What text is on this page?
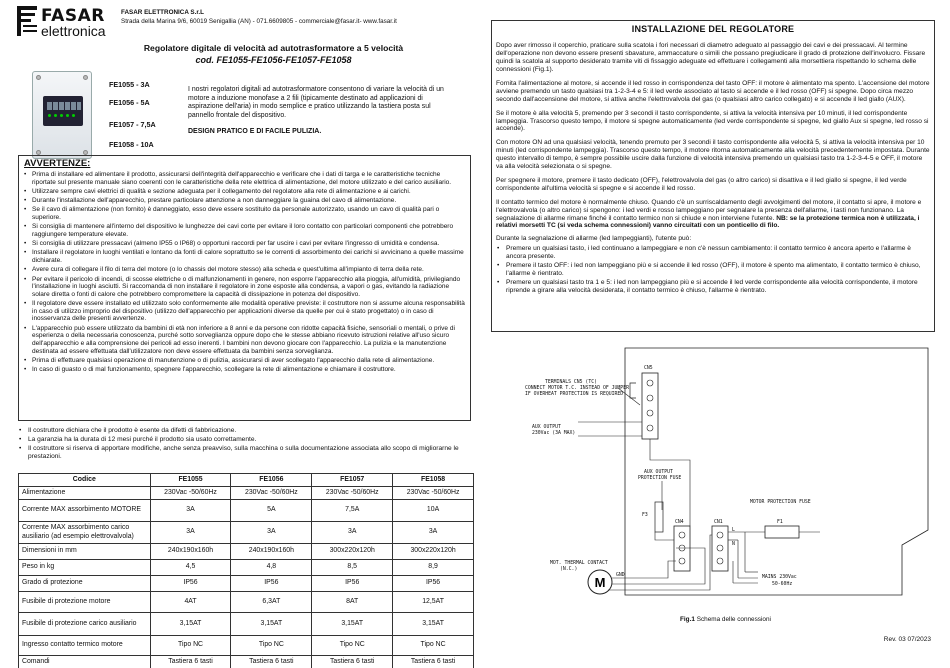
FASAR
elettronica
FASAR ELETTRONICA S.r.L
Strada della Marina 9/6, 60019 Senigallia (AN) - 071.6609805 - commerciale@fasar.it- www.fasar.it
Regolatore digitale di velocità ad autotrasformatore a 5 velocità
cod. FE1055-FE1056-FE1057-FE1058
FE1055 - 3A
FE1056 - 5A
FE1057 - 7,5A
FE1058 - 10A
I nostri regolatori digitali ad autotrasformatore consentono di variare la velocità di un motore a induzione monofase a 2 fili (tipicamente destinato ad applicazioni di aspirazione dell'aria) in modo semplice e pratico utilizzando la tastiera posta sul pannello frontale del dispositivo.
DESIGN PRATICO E DI FACILE PULIZIA.
AVVERTENZE:
• Prima di installare ed alimentare il prodotto, assicurarsi dell'integrità dell'apparecchio e verificare che i dati di targa e le caratteristiche tecniche riportate sul presente manuale siano coerenti con le caratteristiche della rete elettrica di alimentazione, del motore utilizzato e del carico ausiliario.
• Utilizzare sempre cavi elettrici di qualità e sezione adeguata per il collegamento del regolatore alla rete di alimentazione e ai carichi.
• Durante l'installazione dell'apparecchio, prestare particolare attenzione a non danneggiare la guaina del cavo di alimentazione.
• Se il cavo di alimentazione (non fornito) è danneggiato, esso deve essere sostituito da personale autorizzato, usando un cavo di qualità pari o superiore.
• Si consiglia di mantenere all'interno del dispositivo le lunghezze dei cavi corte per evitare il loro contatto con particolari componenti che potrebbero raggiungere temperature elevate.
• Si consiglia di utilizzare pressacavi (almeno IP55 o IP68) o opportuni raccordi per far uscire i cavi per evitare l'ingresso di umidità e condensa.
• Installare il regolatore in luoghi ventilati e lontano da fonti di calore soprattutto se le correnti di assorbimento dei carichi si avvicinano a quelle massime dichiarate.
• Avere cura di collegare il filo di terra del motore (o lo chassis del motore stesso) alla scheda e quest'ultima all'impianto di terra della rete.
• Per evitare il pericolo di incendi, di scosse elettriche o di malfunzionamenti in genere, non esporre l'apparecchio alla pioggia, all'umidità, privilegiando l'installazione in luoghi asciutti. Si raccomanda di non installare il regolatore in zone esposte alla condensa, a vapori o gas, evitando la radiazione solare diretta o fonti di calore che potrebbero compromettere la capacità di dissipazione in potenza del dispositivo.
• Il regolatore deve essere installato ed utilizzato solo conformemente alle modalità operative previste: il costruttore non si assume alcuna responsabilità in caso di utilizzo improprio del dispositivo (utilizzo dell'apparecchio per applicazioni diverse da quelle per cui è stato progettato) o in caso di inosservanza delle presenti avvertenze.
• L'apparecchio può essere utilizzato da bambini di età non inferiore a 8 anni e da persone con ridotte capacità fisiche, sensoriali o mentali, o prive di esperienza o della necessaria conoscenza, purché sotto sorveglianza oppure dopo che le stesse abbiano ricevuto istruzioni relative all'uso sicuro dell'apparecchio e alla comprensione dei pericoli ad esso inerenti. I bambini non devono giocare con l'apparecchio. La pulizia e la manutenzione destinata ad essere effettuata dall'utilizzatore non deve essere effettuata da bambini senza sorveglianza.
• Prima di effettuare qualsiasi operazione di manutenzione o di pulizia, assicurarsi di aver scollegato l'apparecchio dalla rete di alimentazione.
• In caso di guasto o di mal funzionamento, spegnere l'apparecchio, scollegare la rete di alimentazione e chiamare il costruttore.
• Il costruttore dichiara che il prodotto è esente da difetti di fabbricazione.
• La garanzia ha la durata di 12 mesi purché il prodotto sia usato correttamente.
• Il costruttore si riserva di apportare modifiche, anche senza preavviso, sulla macchina o sulla documentazione associata allo scopo di migliorarne le prestazioni.
Codice	FE1055	FE1056	FE1057	FE1058
Alimentazione	230Vac -50/60Hz	230Vac -50/60Hz	230Vac -50/60Hz	230Vac -50/60Hz
Corrente MAX assorbimento MOTORE	3A	5A	7,5A	10A
Corrente MAX assorbimento carico ausiliario (ad esempio elettrovalvola)	3A	3A	3A	3A
Dimensioni in mm	240x190x160h	240x190x160h	300x220x120h	300x220x120h
Peso in kg	4,5	4,8	8,5	8,9
Grado di protezione	IP56	IP56	IP56	IP56
Fusibile di protezione motore	4AT	6,3AT	8AT	12,5AT
Fusibile di protezione carico ausiliario	3,15AT	3,15AT	3,15AT	3,15AT
Ingresso contatto termico motore	Tipo NC	Tipo NC	Tipo NC	Tipo NC
Comandi	Tastiera 6 tasti	Tastiera 6 tasti	Tastiera 6 tasti	Tastiera 6 tasti
INSTALLAZIONE DEL REGOLATORE

Dopo aver rimosso il coperchio, praticare sulla scatola i fori necessari di diametro adeguato al passaggio dei cavi e dei pressacavi. Al termine dell'operazione non devono essere presenti sbavature, ammaccature o simili che possano pregiudicare il grado di protezione dell'involucro. Fissare quindi la scatola al supporto desiderato tramite viti di fissaggio adeguate ed effettuare i collegamenti alla morsettiera rispettando lo schema delle connessioni (Fig.1).

Fornita l'alimentazione al motore, si accende il led rosso in corrispondenza del tasto OFF: il motore è alimentato ma spento. L'accensione del motore avviene premendo un tasto qualsiasi tra 1-2-3-4 e 5: il led verde associato al tasto si accende e il led rosso (OFF) si spegne. Dopo circa mezzo secondo dall'accensione del motore, si attiva anche l'elettrovalvola del gas (o qualsiasi altro carico collegato) e si accende il led giallo (AUX).

Se il motore è alla velocità 5, premendo per 3 secondi il tasto corrispondente, si attiva la velocità intensiva per 10 minuti, il led corrispondente lampeggia. Trascorso questo tempo, il motore si spegne automaticamente (led verde corrispondente si spegne, led giallo Aux si spegne, led rosso si accende).

Con motore ON ad una qualsiasi velocità, tenendo premuto per 3 secondi il tasto corrispondente alla velocità 5, si attiva la velocità intensiva per 10 minuti (led corrispondente lampeggia). Trascorso questo tempo, il motore ritorna automaticamente alla velocità precedentemente impostata. Durante questo intervallo di tempo, è sempre possibile uscire dalla funzione di velocità intensiva premendo un qualsiasi tasto tra 1-2-3-4-5 e OFF, il motore va alla velocità selezionata o si spegne.

Per spegnere il motore, premere il tasto dedicato (OFF), l'elettrovalvola del gas (o altro carico) si disattiva e il led giallo si spegne, il led verde corrispondente all'ultima velocità si spegne e si accende il led rosso.

Il contatto termico del motore è normalmente chiuso. Quando c'è un surriscaldamento degli avvolgimenti del motore, il contatto si apre, il motore e l'elettrovalvola (o altro carico) si spengono: i led verdi e rosso lampeggiano per segnalare la presenza dell'allarme, i tasti non funzionano. La segnalazione di allarme rimane finché il contatto termico non si chiude e non interviene l'utente. NB: se la protezione termica non è utilizzata, i relativi morsetti TC (si veda schema connessioni) vanno circuitati con un ponticello di filo.

Durante la segnalazione di allarme (led lampeggianti), l'utente può:

• Premere un qualsiasi tasto, i led continuano a lampeggiare e non c'è nessun cambiamento: il contatto termico è ancora aperto e l'allarme è ancora presente.
• Premere il tasto OFF: i led non lampeggiano più e si accende il led rosso (OFF), il motore è spento ma alimentato, il contatto termico è chiuso, l'allarme è rientrato.
• Premere un qualsiasi tasto tra 1 e 5: i led non lampeggiano più e si accende il led verde corrispondente alla velocità corrispondente, il motore riprende a girare alla velocità desiderata, il contatto termico è chiuso, l'allarme è rientrato.
TERMINALS CN5 (TC)
CONNECT MOTOR T.C. INSTEAD OF JUMPER
IF OVERHEAT PROTECTION IS REQUIRED
CN5
AUX OUTPUT
230Vac (3A MAX)
AUX OUTPUT
PROTECTION FUSE
F3
CN4	CN1
L
N
MOTOR PROTECTION FUSE
F1
MAINS 230Vac
50-60Hz
MOT. THERMAL CONTACT
(N.C.)
M GND
Fig.1 Schema delle connessioni
Rev. 03 07/2023
